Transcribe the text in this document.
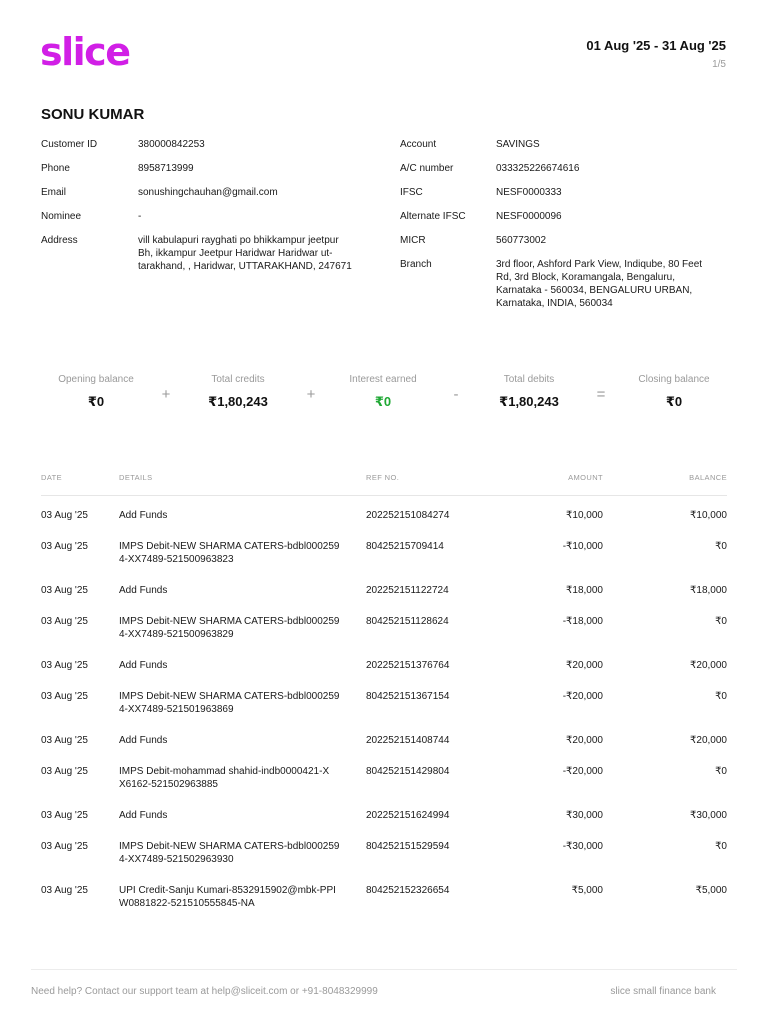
slice	01 Aug '25 - 31 Aug '25
1/5
SONU KUMAR
Customer ID	380000842253
Phone	8958713999
Email	sonushingchauhan@gmail.com
Nominee	-
Address	vill kabulapuri rayghati po bhikkampur jeetpur
Bh, ikkampur Jeetpur Haridwar Haridwar ut-
tarakhand, , Haridwar, UTTARAKHAND, 247671
Account	SAVINGS
A/C number	033325226674616
IFSC	NESF0000333
Alternate IFSC	NESF0000096
MICR	560773002
Branch	3rd floor, Ashford Park View, Indiqube, 80 Feet
Rd, 3rd Block, Koramangala, Bengaluru,
Karnataka - 560034, BENGALURU URBAN,
Karnataka, INDIA, 560034
Opening balance
₹0	+
Total credits
₹1,80,243	+
Interest earned
₹0	-
Total debits
₹1,80,243	=
Closing balance
₹0
DATE	DETAILS	REF NO.	AMOUNT	BALANCE
03 Aug '25	Add Funds	202252151084274	₹10,000	₹10,000
03 Aug '25	IMPS Debit-NEW SHARMA CATERS-bdbl000259
4-XX7489-521500963823
80425215709414	-₹10,000	₹0
03 Aug '25	Add Funds	202252151122724	₹18,000	₹18,000
03 Aug '25	IMPS Debit-NEW SHARMA CATERS-bdbl000259
4-XX7489-521500963829
804252151128624	-₹18,000	₹0
03 Aug '25	Add Funds	202252151376764	₹20,000	₹20,000
03 Aug '25	IMPS Debit-NEW SHARMA CATERS-bdbl000259
4-XX7489-521501963869
804252151367154	-₹20,000	₹0
03 Aug '25	Add Funds	202252151408744	₹20,000	₹20,000
03 Aug '25	IMPS Debit-mohammad shahid-indb0000421-X
X6162-521502963885
804252151429804	-₹20,000	₹0
03 Aug '25	Add Funds	202252151624994	₹30,000	₹30,000
03 Aug '25	IMPS Debit-NEW SHARMA CATERS-bdbl000259
4-XX7489-521502963930
804252151529594	-₹30,000	₹0
03 Aug '25	UPI Credit-Sanju Kumari-8532915902@mbk-PPI
W0881822-521510555845-NA
804252152326654	₹5,000	₹5,000
Need help? Contact our support team at help@sliceit.com or +91-8048329999	slice small finance bank
